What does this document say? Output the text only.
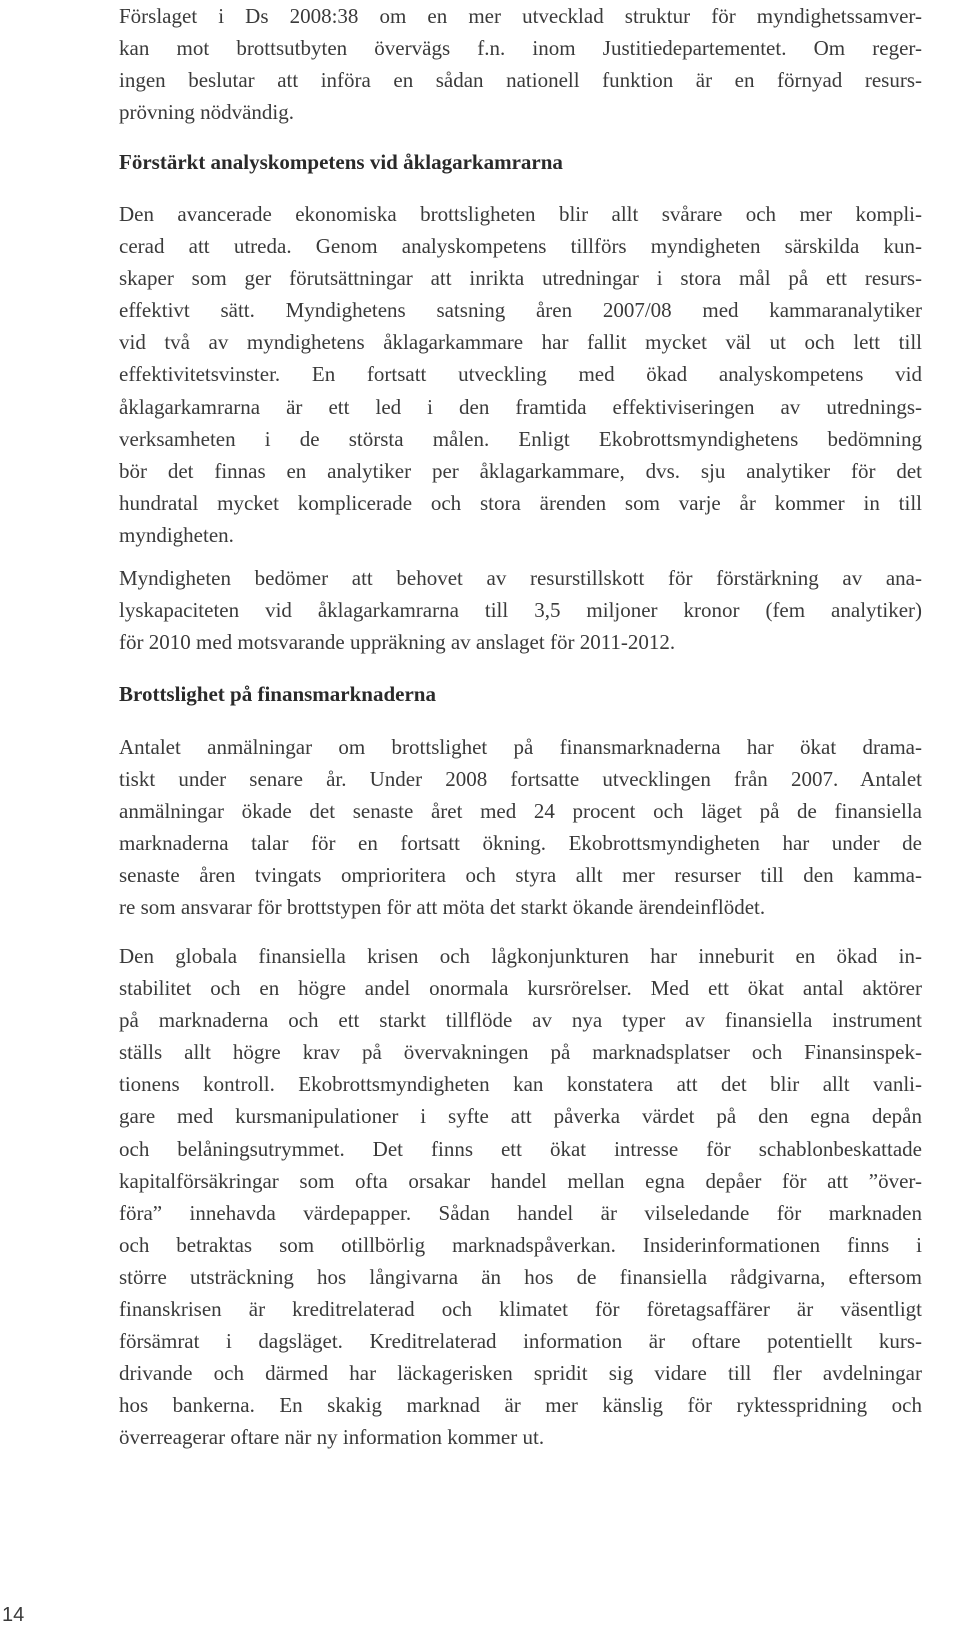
Förslaget i Ds 2008:38 om en mer utvecklad struktur för myndighetssamver-
kan mot brottsutbyten övervägs f.n. inom Justitiedepartementet. Om reger-
ingen beslutar att införa en sådan nationell funktion är en förnyad resurs-
prövning nödvändig.
Förstärkt analyskompetens vid åklagarkamrarna
Den avancerade ekonomiska brottsligheten blir allt svårare och mer kompli-
cerad att utreda. Genom analyskompetens tillförs myndigheten särskilda kun-
skaper som ger förutsättningar att inrikta utredningar i stora mål på ett resurs-
effektivt sätt. Myndighetens satsning åren 2007/08 med kammaranalytiker
vid två av myndighetens åklagarkammare har fallit mycket väl ut och lett till
effektivitetsvinster. En fortsatt utveckling med ökad analyskompetens vid
åklagarkamrarna är ett led i den framtida effektiviseringen av utrednings-
verksamheten i de största målen. Enligt Ekobrottsmyndighetens bedömning
bör det finnas en analytiker per åklagarkammare, dvs. sju analytiker för det
hundratal mycket komplicerade och stora ärenden som varje år kommer in till
myndigheten.
Myndigheten bedömer att behovet av resurstillskott för förstärkning av ana-
lyskapaciteten vid åklagarkamrarna till 3,5 miljoner kronor (fem analytiker)
för 2010 med motsvarande uppräkning av anslaget för 2011-2012.
Brottslighet på finansmarknaderna
Antalet anmälningar om brottslighet på finansmarknaderna har ökat drama-
tiskt under senare år. Under 2008 fortsatte utvecklingen från 2007. Antalet
anmälningar ökade det senaste året med 24 procent och läget på de finansiella
marknaderna talar för en fortsatt ökning. Ekobrottsmyndigheten har under de
senaste åren tvingats omprioritera och styra allt mer resurser till den kamma-
re som ansvarar för brottstypen för att möta det starkt ökande ärendeinflödet.
Den globala finansiella krisen och lågkonjunkturen har inneburit en ökad in-
stabilitet och en högre andel onormala kursrörelser. Med ett ökat antal aktörer
på marknaderna och ett starkt tillflöde av nya typer av finansiella instrument
ställs allt högre krav på övervakningen på marknadsplatser och Finansinspek-
tionens kontroll. Ekobrottsmyndigheten kan konstatera att det blir allt vanli-
gare med kursmanipulationer i syfte att påverka värdet på den egna depån
och belåningsutrymmet. Det finns ett ökat intresse för schablonbeskattade
kapitalförsäkringar som ofta orsakar handel mellan egna depåer för att ”över-
föra” innehavda värdepapper. Sådan handel är vilseledande för marknaden
och betraktas som otillbörlig marknadspåverkan. Insiderinformationen finns i
större utsträckning hos långivarna än hos de finansiella rådgivarna, eftersom
finanskrisen är kreditrelaterad och klimatet för företagsaffärer är väsentligt
försämrat i dagsläget. Kreditrelaterad information är oftare potentiellt kurs-
drivande och därmed har läckagerisken spridit sig vidare till fler avdelningar
hos bankerna. En skakig marknad är mer känslig för ryktesspridning och
överreagerar oftare när ny information kommer ut.
14
